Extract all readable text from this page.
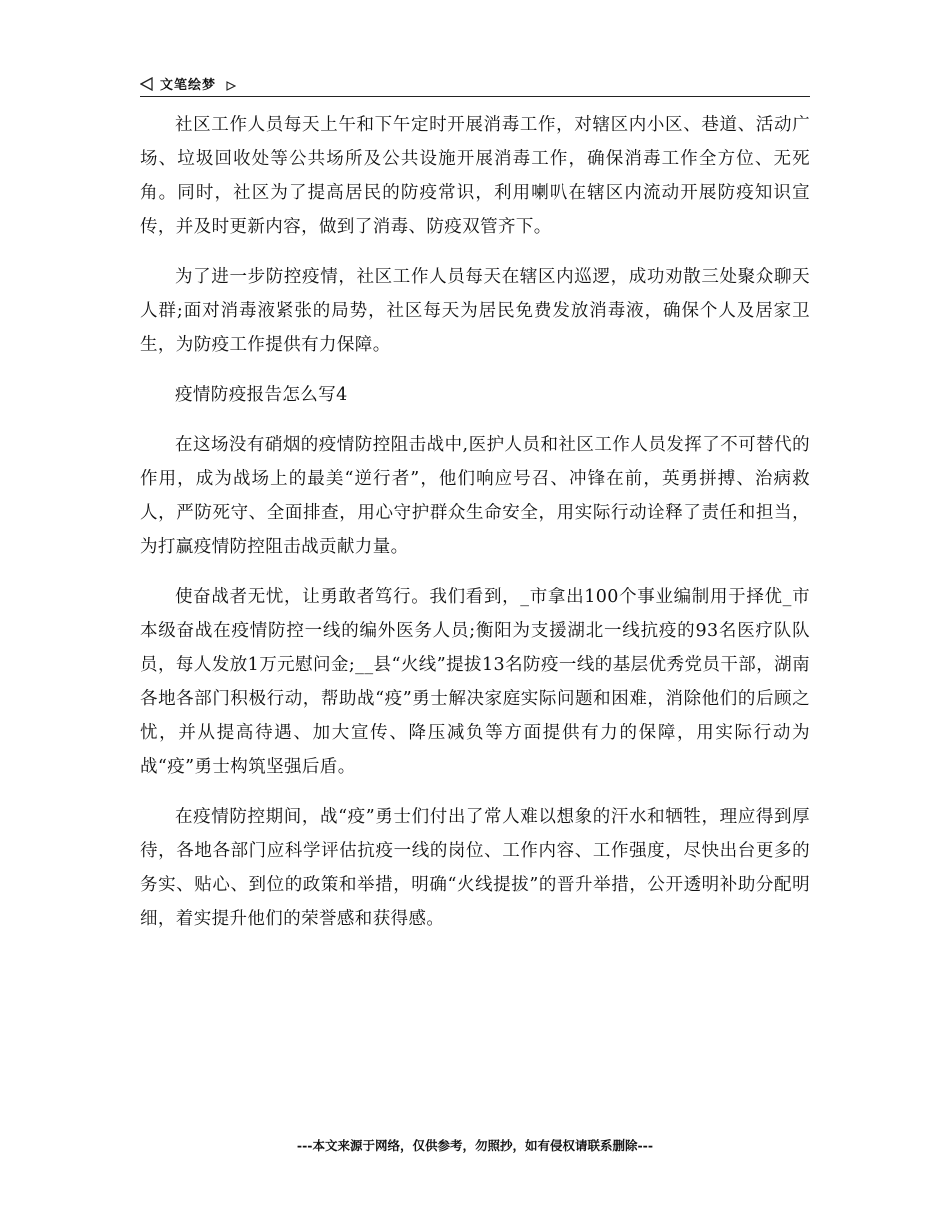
文笔绘梦

社区工作人员每天上午和下午定时开展消毒工作，对辖区内小区、巷道、活动广场、垃圾回收处等公共场所及公共设施开展消毒工作，确保消毒工作全方位、无死角。同时，社区为了提高居民的防疫常识，利用喇叭在辖区内流动开展防疫知识宣传，并及时更新内容，做到了消毒、防疫双管齐下。

为了进一步防控疫情，社区工作人员每天在辖区内巡逻，成功劝散三处聚众聊天人群;面对消毒液紧张的局势，社区每天为居民免费发放消毒液，确保个人及居家卫生，为防疫工作提供有力保障。

疫情防疫报告怎么写4

在这场没有硝烟的疫情防控阻击战中,医护人员和社区工作人员发挥了不可替代的作用，成为战场上的最美“逆行者”，他们响应号召、冲锋在前，英勇拼搏、治病救人，严防死守、全面排查，用心守护群众生命安全，用实际行动诠释了责任和担当，为打赢疫情防控阻击战贡献力量。

使奋战者无忧，让勇敢者笃行。我们看到，_市拿出100个事业编制用于择优_市本级奋战在疫情防控一线的编外医务人员;衡阳为支援湖北一线抗疫的93名医疗队队员，每人发放1万元慰问金;__县“火线”提拔13名防疫一线的基层优秀党员干部，湖南各地各部门积极行动，帮助战“疫”勇士解决家庭实际问题和困难，消除他们的后顾之忧，并从提高待遇、加大宣传、降压减负等方面提供有力的保障，用实际行动为战“疫”勇士构筑坚强后盾。

在疫情防控期间，战“疫”勇士们付出了常人难以想象的汗水和牺牲，理应得到厚待，各地各部门应科学评估抗疫一线的岗位、工作内容、工作强度，尽快出台更多的务实、贴心、到位的政策和举措，明确“火线提拔”的晋升举措，公开透明补助分配明细，着实提升他们的荣誉感和获得感。

---本文来源于网络，仅供参考，勿照抄，如有侵权请联系删除---
